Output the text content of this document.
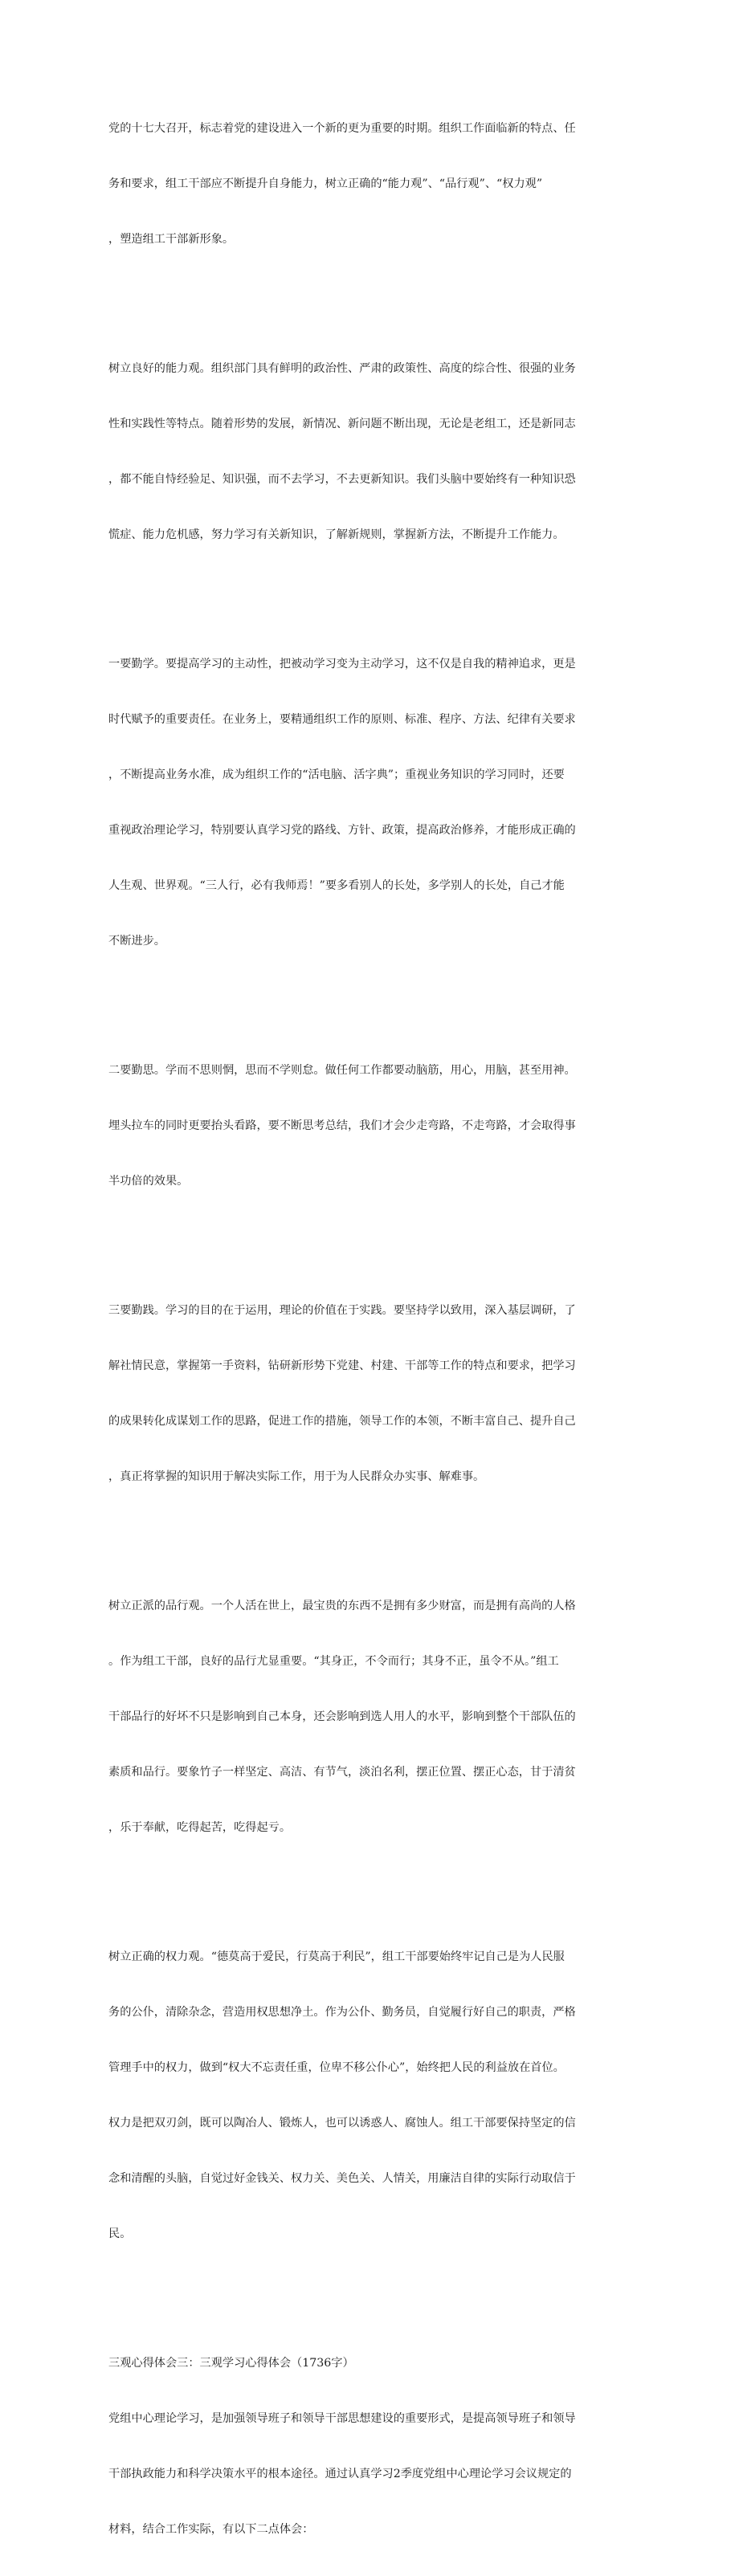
党的十七大召开，标志着党的建设进入一个新的更为重要的时期。组织工作面临新的特点、任

务和要求，组工干部应不断提升自身能力，树立正确的“能力观”、“品行观”、“权力观”

，塑造组工干部新形象。

树立良好的能力观。组织部门具有鲜明的政治性、严肃的政策性、高度的综合性、很强的业务

性和实践性等特点。随着形势的发展，新情况、新问题不断出现，无论是老组工，还是新同志

，都不能自恃经验足、知识强，而不去学习，不去更新知识。我们头脑中要始终有一种知识恐

慌症、能力危机感，努力学习有关新知识，了解新规则，掌握新方法，不断提升工作能力。

一要勤学。要提高学习的主动性，把被动学习变为主动学习，这不仅是自我的精神追求，更是

时代赋予的重要责任。在业务上，要精通组织工作的原则、标准、程序、方法、纪律有关要求

，不断提高业务水准，成为组织工作的“活电脑、活字典”；重视业务知识的学习同时，还要

重视政治理论学习，特别要认真学习党的路线、方针、政策，提高政治修养，才能形成正确的

人生观、世界观。“三人行，必有我师焉！”要多看别人的长处，多学别人的长处，自己才能

不断进步。

二要勤思。学而不思则惘，思而不学则怠。做任何工作都要动脑筋，用心，用脑，甚至用神。

埋头拉车的同时更要抬头看路，要不断思考总结，我们才会少走弯路，不走弯路，才会取得事

半功倍的效果。

三要勤践。学习的目的在于运用，理论的价值在于实践。要坚持学以致用，深入基层调研，了

解社情民意，掌握第一手资料，钻研新形势下党建、村建、干部等工作的特点和要求，把学习

的成果转化成谋划工作的思路，促进工作的措施，领导工作的本领，不断丰富自己、提升自己

，真正将掌握的知识用于解决实际工作，用于为人民群众办实事、解难事。

树立正派的品行观。一个人活在世上，最宝贵的东西不是拥有多少财富，而是拥有高尚的人格

。作为组工干部，良好的品行尤显重要。“其身正，不令而行；其身不正，虽令不从。”组工

干部品行的好坏不只是影响到自己本身，还会影响到选人用人的水平，影响到整个干部队伍的

素质和品行。要象竹子一样坚定、高洁、有节气，淡泊名利，摆正位置、摆正心态，甘于清贫

，乐于奉献，吃得起苦，吃得起亏。

树立正确的权力观。“德莫高于爱民，行莫高于利民”，组工干部要始终牢记自己是为人民服

务的公仆，清除杂念，营造用权思想净土。作为公仆、勤务员，自觉履行好自己的职责，严格

管理手中的权力，做到“权大不忘责任重，位卑不移公仆心”，始终把人民的利益放在首位。

权力是把双刃剑，既可以陶冶人、锻炼人，也可以诱惑人、腐蚀人。组工干部要保持坚定的信

念和清醒的头脑，自觉过好金钱关、权力关、美色关、人情关，用廉洁自律的实际行动取信于

民。

三观心得体会三：三观学习心得体会（1736字）

党组中心理论学习，是加强领导班子和领导干部思想建设的重要形式，是提高领导班子和领导

干部执政能力和科学决策水平的根本途径。通过认真学习2季度党组中心理论学习会议规定的

材料，结合工作实际，有以下二点体会：
